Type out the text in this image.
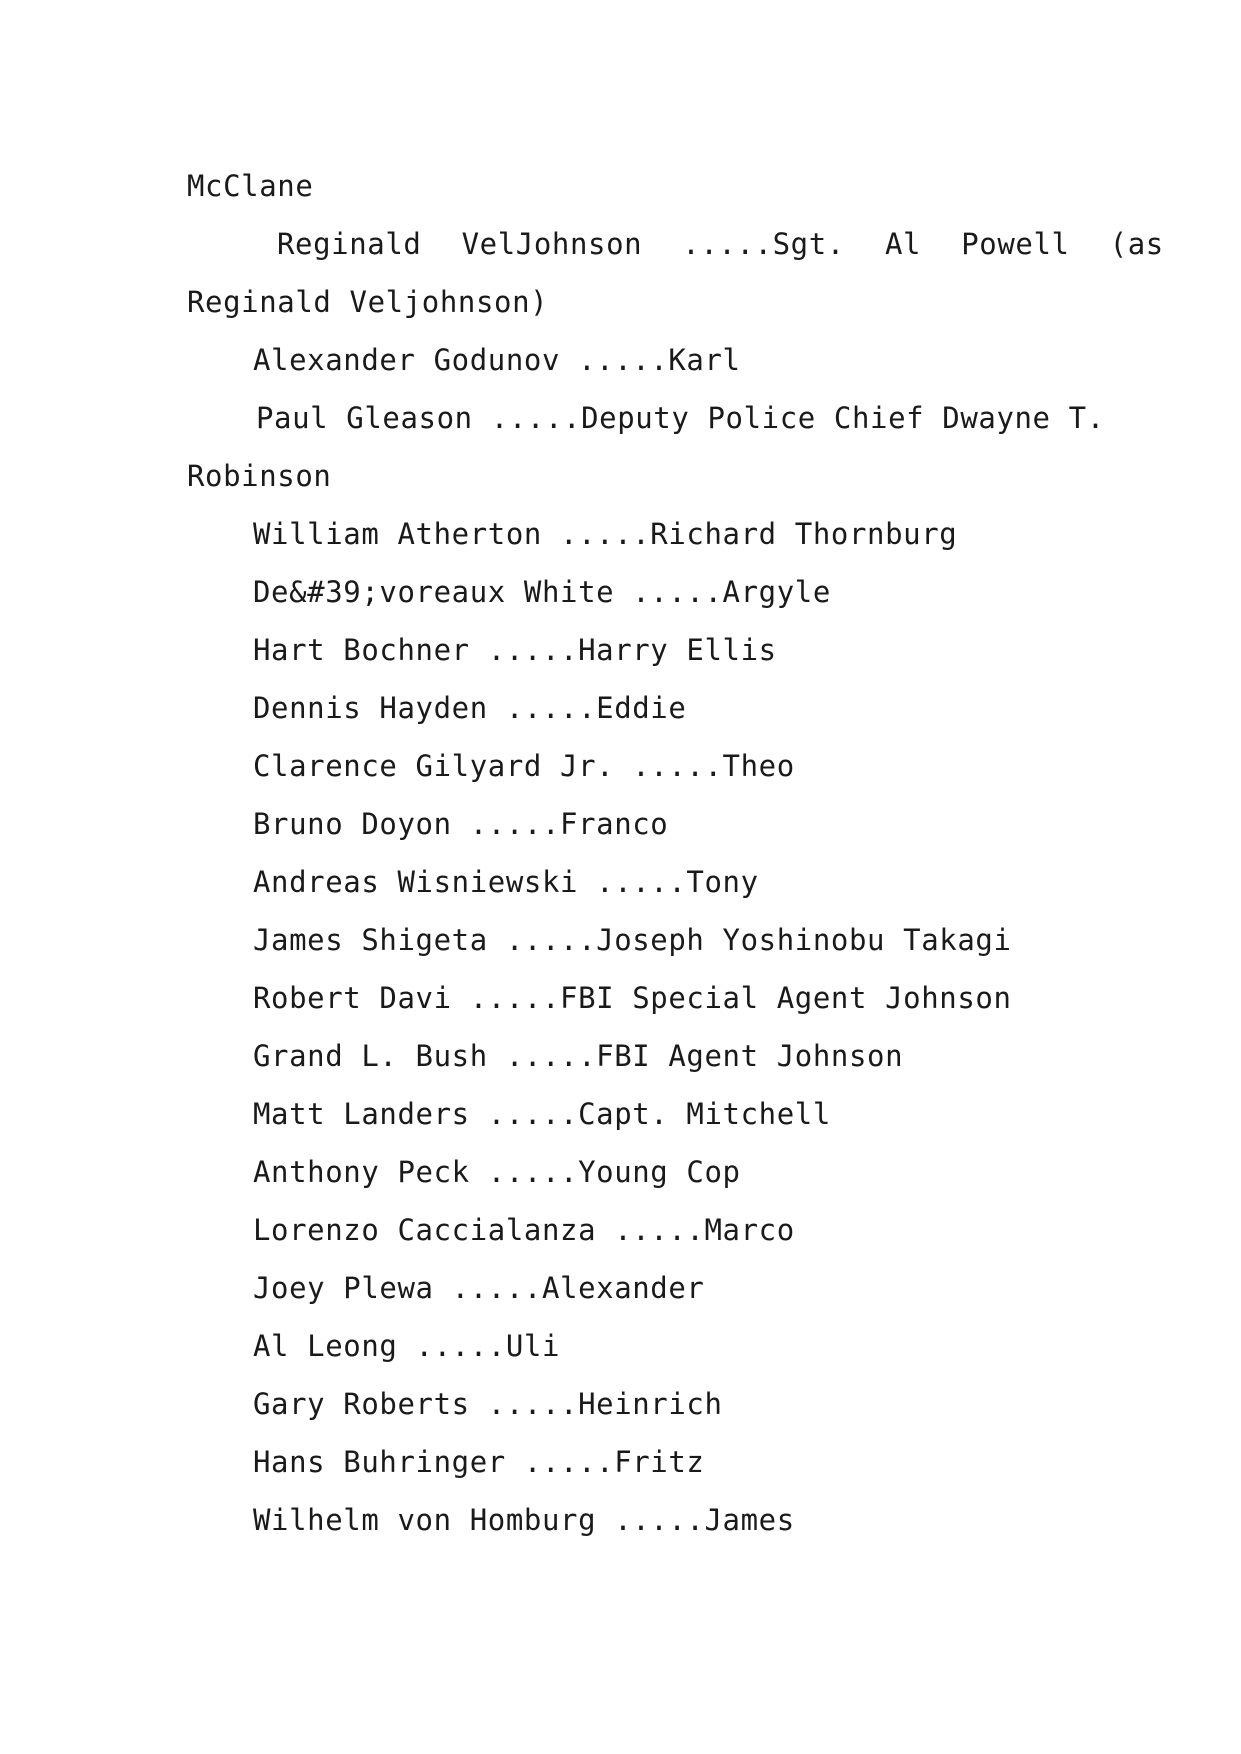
McClane
Reginald  VelJohnson  .....Sgt.  Al  Powell  (as
Reginald Veljohnson)
Alexander Godunov .....Karl
Paul Gleason .....Deputy Police Chief Dwayne T.
Robinson
William Atherton .....Richard Thornburg
De&#39;voreaux White .....Argyle
Hart Bochner .....Harry Ellis
Dennis Hayden .....Eddie
Clarence Gilyard Jr. .....Theo
Bruno Doyon .....Franco
Andreas Wisniewski .....Tony
James Shigeta .....Joseph Yoshinobu Takagi
Robert Davi .....FBI Special Agent Johnson
Grand L. Bush .....FBI Agent Johnson
Matt Landers .....Capt. Mitchell
Anthony Peck .....Young Cop
Lorenzo Caccialanza .....Marco
Joey Plewa .....Alexander
Al Leong .....Uli
Gary Roberts .....Heinrich
Hans Buhringer .....Fritz
Wilhelm von Homburg .....James
